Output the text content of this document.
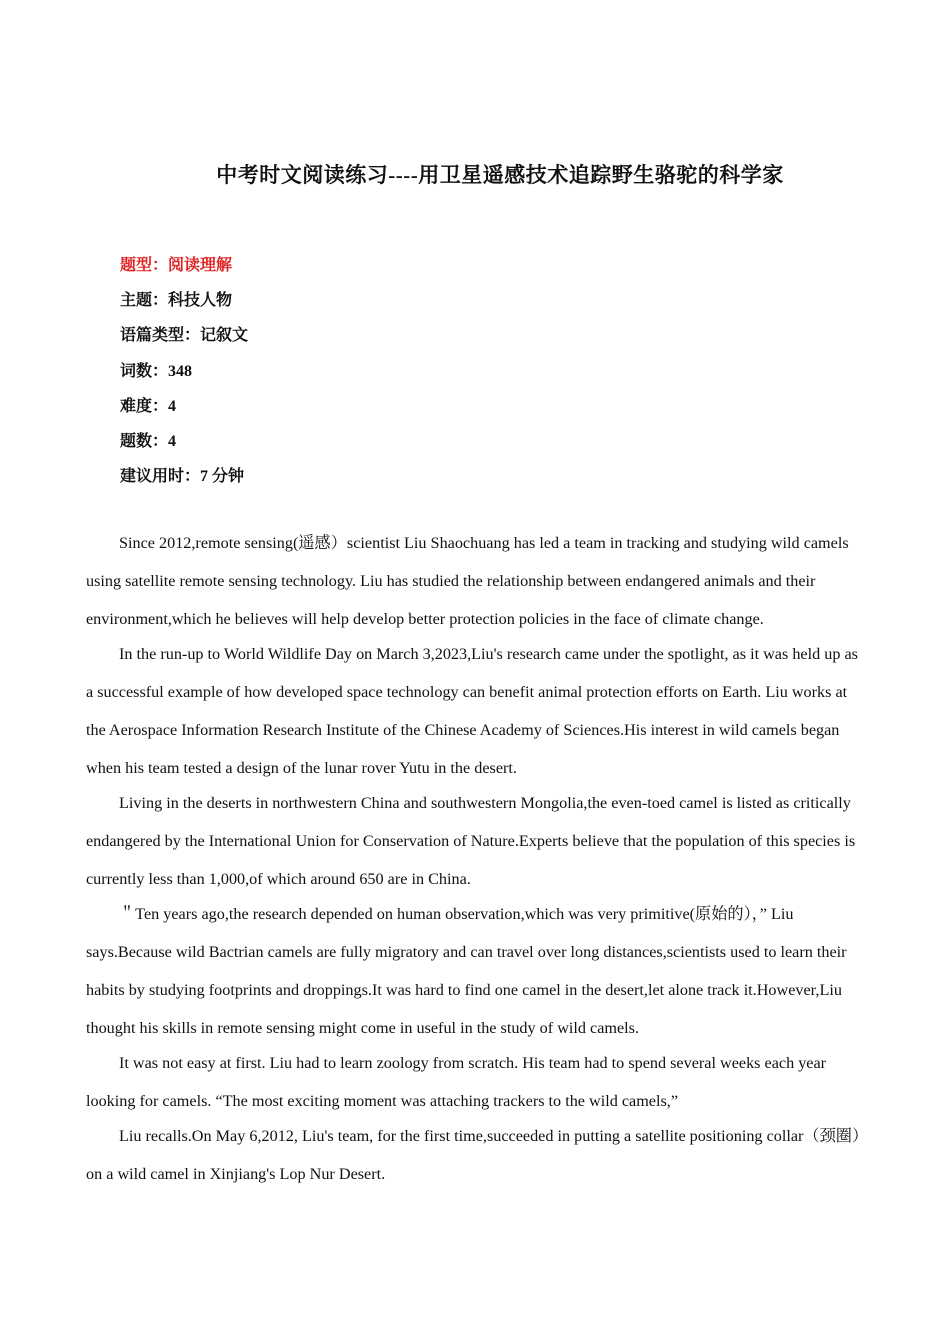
中考时文阅读练习----用卫星遥感技术追踪野生骆驼的科学家
题型：阅读理解
主题：科技人物
语篇类型：记叙文
词数：348
难度：4
题数：4
建议用时：7 分钟

Since 2012,remote sensing(遥感）scientist Liu Shaochuang has led a team in tracking and studying wild camels using satellite remote sensing technology. Liu has studied the relationship between endangered animals and their environment,which he believes will help develop better protection policies in the face of climate change.

In the run-up to World Wildlife Day on March 3,2023,Liu's research came under the spotlight, as it was held up as a successful example of how developed space technology can benefit animal protection efforts on Earth. Liu works at the Aerospace Information Research Institute of the Chinese Academy of Sciences.His interest in wild camels began when his team tested a design of the lunar rover Yutu in the desert.

Living in the deserts in northwestern China and southwestern Mongolia,the even-toed camel is listed as critically endangered by the International Union for Conservation of Nature.Experts believe that the population of this species is currently less than 1,000,of which around 650 are in China.

＂Ten years ago,the research depended on human observation,which was very primitive(原始的），” Liu says.Because wild Bactrian camels are fully migratory and can travel over long distances,scientists used to learn their habits by studying footprints and droppings.It was hard to find one camel in the desert,let alone track it.However,Liu thought his skills in remote sensing might come in useful in the study of wild camels.

It was not easy at first. Liu had to learn zoology from scratch. His team had to spend several weeks each year looking for camels. “The most exciting moment was attaching trackers to the wild camels,”

Liu recalls.On May 6,2012, Liu's team, for the first time,succeeded in putting a satellite positioning collar（颈圈）on a wild camel in Xinjiang's Lop Nur Desert.
